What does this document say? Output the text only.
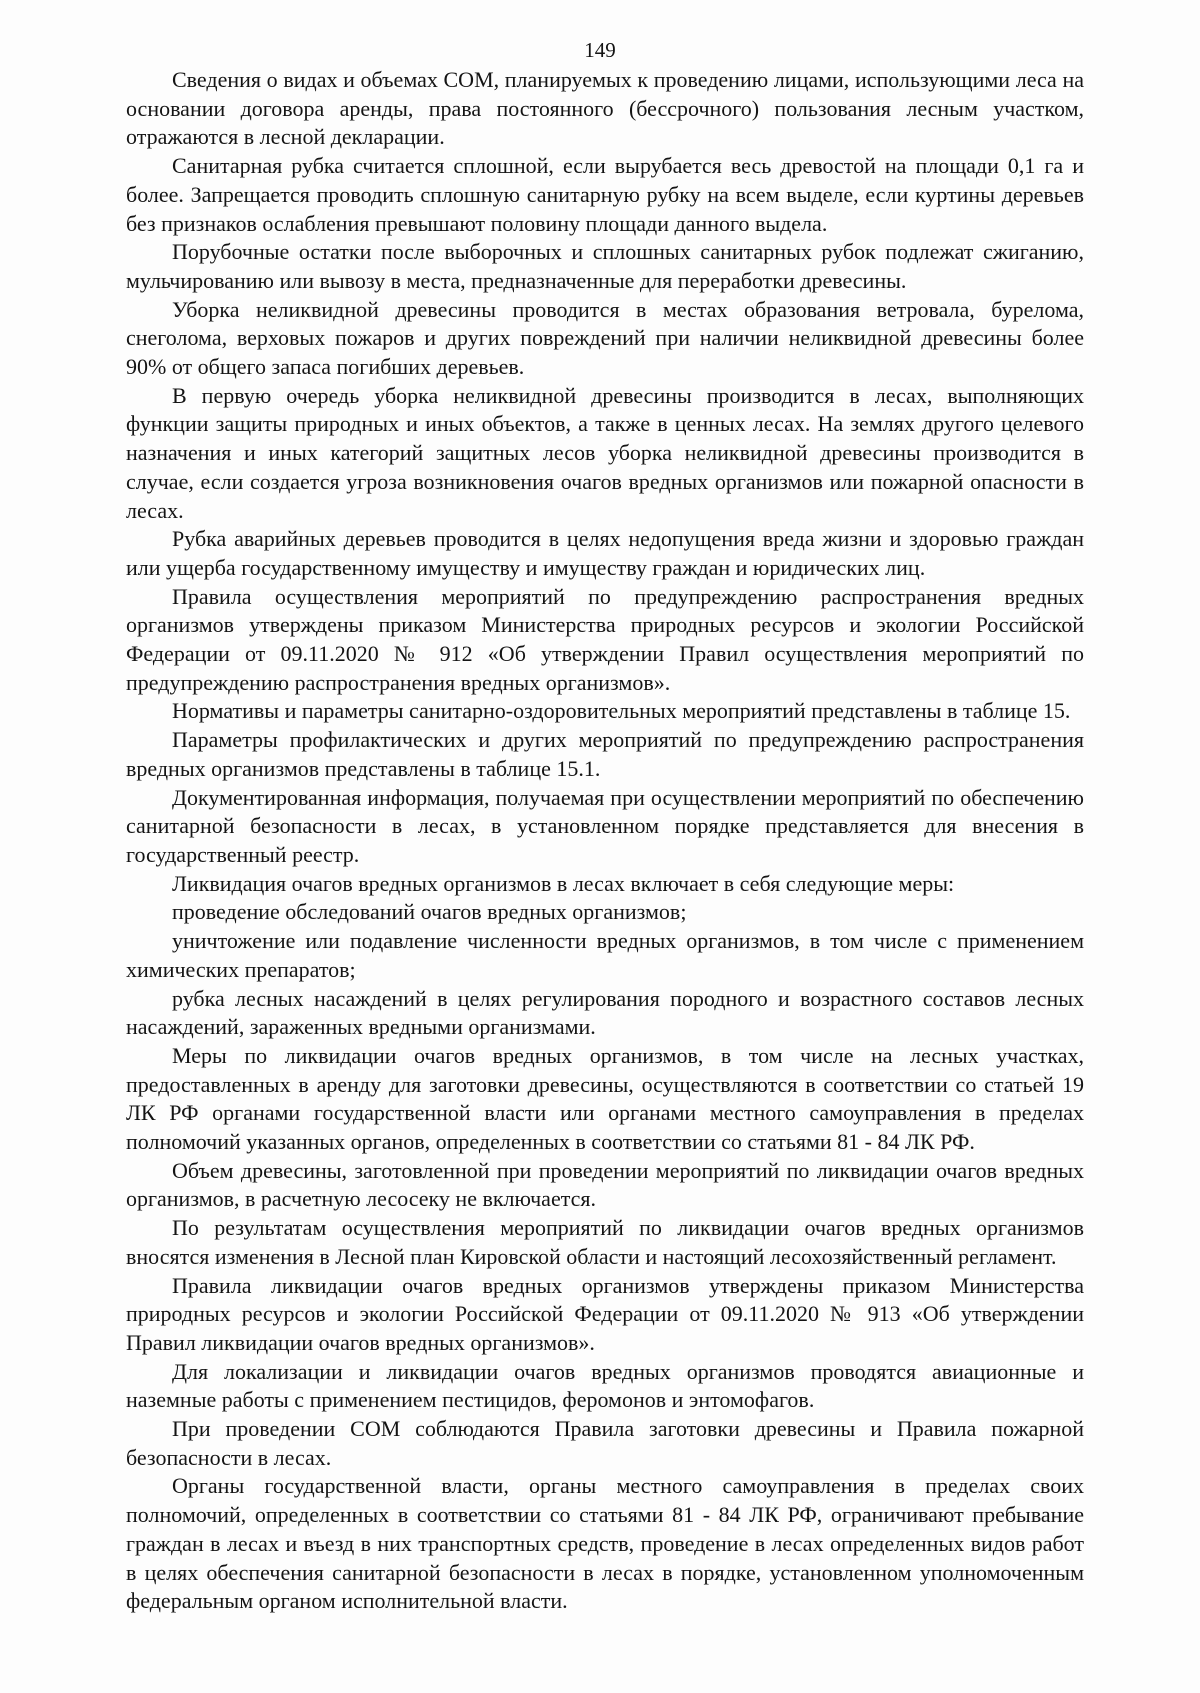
149

Сведения о видах и объемах СОМ, планируемых к проведению лицами, использующими леса на основании договора аренды, права постоянного (бессрочного) пользования лесным участком, отражаются в лесной декларации.

Санитарная рубка считается сплошной, если вырубается весь древостой на площади 0,1 га и более. Запрещается проводить сплошную санитарную рубку на всем выделе, если куртины деревьев без признаков ослабления превышают половину площади данного выдела.

Порубочные остатки после выборочных и сплошных санитарных рубок подлежат сжиганию, мульчированию или вывозу в места, предназначенные для переработки древесины.

Уборка неликвидной древесины проводится в местах образования ветровала, бурелома, снеголома, верховых пожаров и других повреждений при наличии неликвидной древесины более 90% от общего запаса погибших деревьев.

В первую очередь уборка неликвидной древесины производится в лесах, выполняющих функции защиты природных и иных объектов, а также в ценных лесах. На землях другого целевого назначения и иных категорий защитных лесов уборка неликвидной древесины производится в случае, если создается угроза возникновения очагов вредных организмов или пожарной опасности в лесах.

Рубка аварийных деревьев проводится в целях недопущения вреда жизни и здоровью граждан или ущерба государственному имуществу и имуществу граждан и юридических лиц.

Правила осуществления мероприятий по предупреждению распространения вредных организмов утверждены приказом Министерства природных ресурсов и экологии Российской Федерации от 09.11.2020 № 912 «Об утверждении Правил осуществления мероприятий по предупреждению распространения вредных организмов».

Нормативы и параметры санитарно-оздоровительных мероприятий представлены в таблице 15.

Параметры профилактических и других мероприятий по предупреждению распространения вредных организмов представлены в таблице 15.1.

Документированная информация, получаемая при осуществлении мероприятий по обеспечению санитарной безопасности в лесах, в установленном порядке представляется для внесения в государственный реестр.

Ликвидация очагов вредных организмов в лесах включает в себя следующие меры:

проведение обследований очагов вредных организмов;

уничтожение или подавление численности вредных организмов, в том числе с применением химических препаратов;

рубка лесных насаждений в целях регулирования породного и возрастного составов лесных насаждений, зараженных вредными организмами.

Меры по ликвидации очагов вредных организмов, в том числе на лесных участках, предоставленных в аренду для заготовки древесины, осуществляются в соответствии со статьей 19 ЛК РФ органами государственной власти или органами местного самоуправления в пределах полномочий указанных органов, определенных в соответствии со статьями 81 - 84 ЛК РФ.

Объем древесины, заготовленной при проведении мероприятий по ликвидации очагов вредных организмов, в расчетную лесосеку не включается.

По результатам осуществления мероприятий по ликвидации очагов вредных организмов вносятся изменения в Лесной план Кировской области и настоящий лесохозяйственный регламент.

Правила ликвидации очагов вредных организмов утверждены приказом Министерства природных ресурсов и экологии Российской Федерации от 09.11.2020 № 913 «Об утверждении Правил ликвидации очагов вредных организмов».

Для локализации и ликвидации очагов вредных организмов проводятся авиационные и наземные работы с применением пестицидов, феромонов и энтомофагов.

При проведении СОМ соблюдаются Правила заготовки древесины и Правила пожарной безопасности в лесах.

Органы государственной власти, органы местного самоуправления в пределах своих полномочий, определенных в соответствии со статьями 81 - 84 ЛК РФ, ограничивают пребывание граждан в лесах и въезд в них транспортных средств, проведение в лесах определенных видов работ в целях обеспечения санитарной безопасности в лесах в порядке, установленном уполномоченным федеральным органом исполнительной власти.
